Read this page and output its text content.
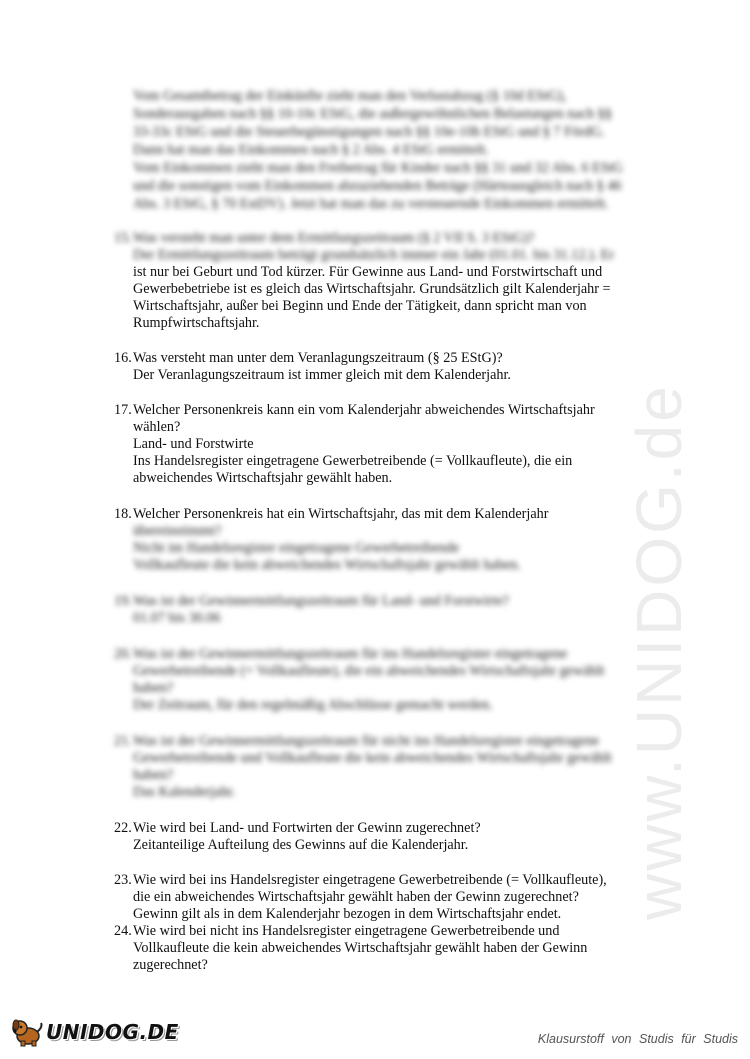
www.UNIDOG.de
Vom Gesamtbetrag der Einkünfte zieht man den Verlustabzug (§ 10d EStG),
Sonderausgaben nach §§ 10-10c EStG, die außergewöhnlichen Belastungen nach §§
33-33c EStG und die Steuerbegünstigungen nach §§ 10e-10h EStG und § 7 FördG.
Dann hat man das Einkommen nach § 2 Abs. 4 EStG ermittelt.
Vom Einkommen zieht man den Freibetrag für Kinder nach §§ 31 und 32 Abs. 6 EStG
und die sonstigen vom Einkommen abzuziehenden Beträge (Härteausgleich nach § 46
Abs. 3 EStG, § 70 EstDV). Jetzt hat man das zu versteuernde Einkommen ermittelt.
15. Was versteht man unter dem Ermittlungszeitraum (§ 2 VII S. 3 EStG)?
Der Ermittlungszeitraum beträgt grundsätzlich immer ein Jahr (01.01. bis 31.12.). Er
ist nur bei Geburt und Tod kürzer. Für Gewinne aus Land- und Forstwirtschaft und
Gewerbebetriebe ist es gleich das Wirtschaftsjahr. Grundsätzlich gilt Kalenderjahr =
Wirtschaftsjahr, außer bei Beginn und Ende der Tätigkeit, dann spricht man von
Rumpfwirtschaftsjahr.
16. Was versteht man unter dem Veranlagungszeitraum (§ 25 EStG)?
Der Veranlagungszeitraum ist immer gleich mit dem Kalenderjahr.
17. Welcher Personenkreis kann ein vom Kalenderjahr abweichendes Wirtschaftsjahr
wählen?
Land- und Forstwirte
Ins Handelsregister eingetragene Gewerbetreibende (= Vollkaufleute), die ein
abweichendes Wirtschaftsjahr gewählt haben.
18. Welcher Personenkreis hat ein Wirtschaftsjahr, das mit dem Kalenderjahr
übereinstimmt?
Nicht im Handelsregister eingetragene Gewerbetreibende
Vollkaufleute die kein abweichendes Wirtschaftsjahr gewählt haben.
19. Was ist der Gewinnermittlungszeitraum für Land- und Forstwirte?
01.07 bis 30.06
20. Was ist der Gewinnermittlungszeitraum für ins Handelsregister eingetragene
Gewerbetreibende (= Vollkaufleute), die ein abweichendes Wirtschaftsjahr gewählt
haben?
Der Zeitraum, für den regelmäßig Abschlüsse gemacht werden.
21. Was ist der Gewinnermittlungszeitraum für nicht ins Handelsregister eingetragene
Gewerbetreibende und Vollkaufleute die kein abweichendes Wirtschaftsjahr gewählt
haben?
Das Kalenderjahr.
22. Wie wird bei Land- und Fortwirten der Gewinn zugerechnet?
Zeitanteilige Aufteilung des Gewinns auf die Kalenderjahr.
23. Wie wird bei ins Handelsregister eingetragene Gewerbetreibende (= Vollkaufleute),
die ein abweichendes Wirtschaftsjahr gewählt haben der Gewinn zugerechnet?
Gewinn gilt als in dem Kalenderjahr bezogen in dem Wirtschaftsjahr endet.
24. Wie wird bei nicht ins Handelsregister eingetragene Gewerbetreibende und
Vollkaufleute die kein abweichendes Wirtschaftsjahr gewählt haben der Gewinn
zugerechnet?
UNIDOG.DE	Klausurstoff von Studis für Studis
